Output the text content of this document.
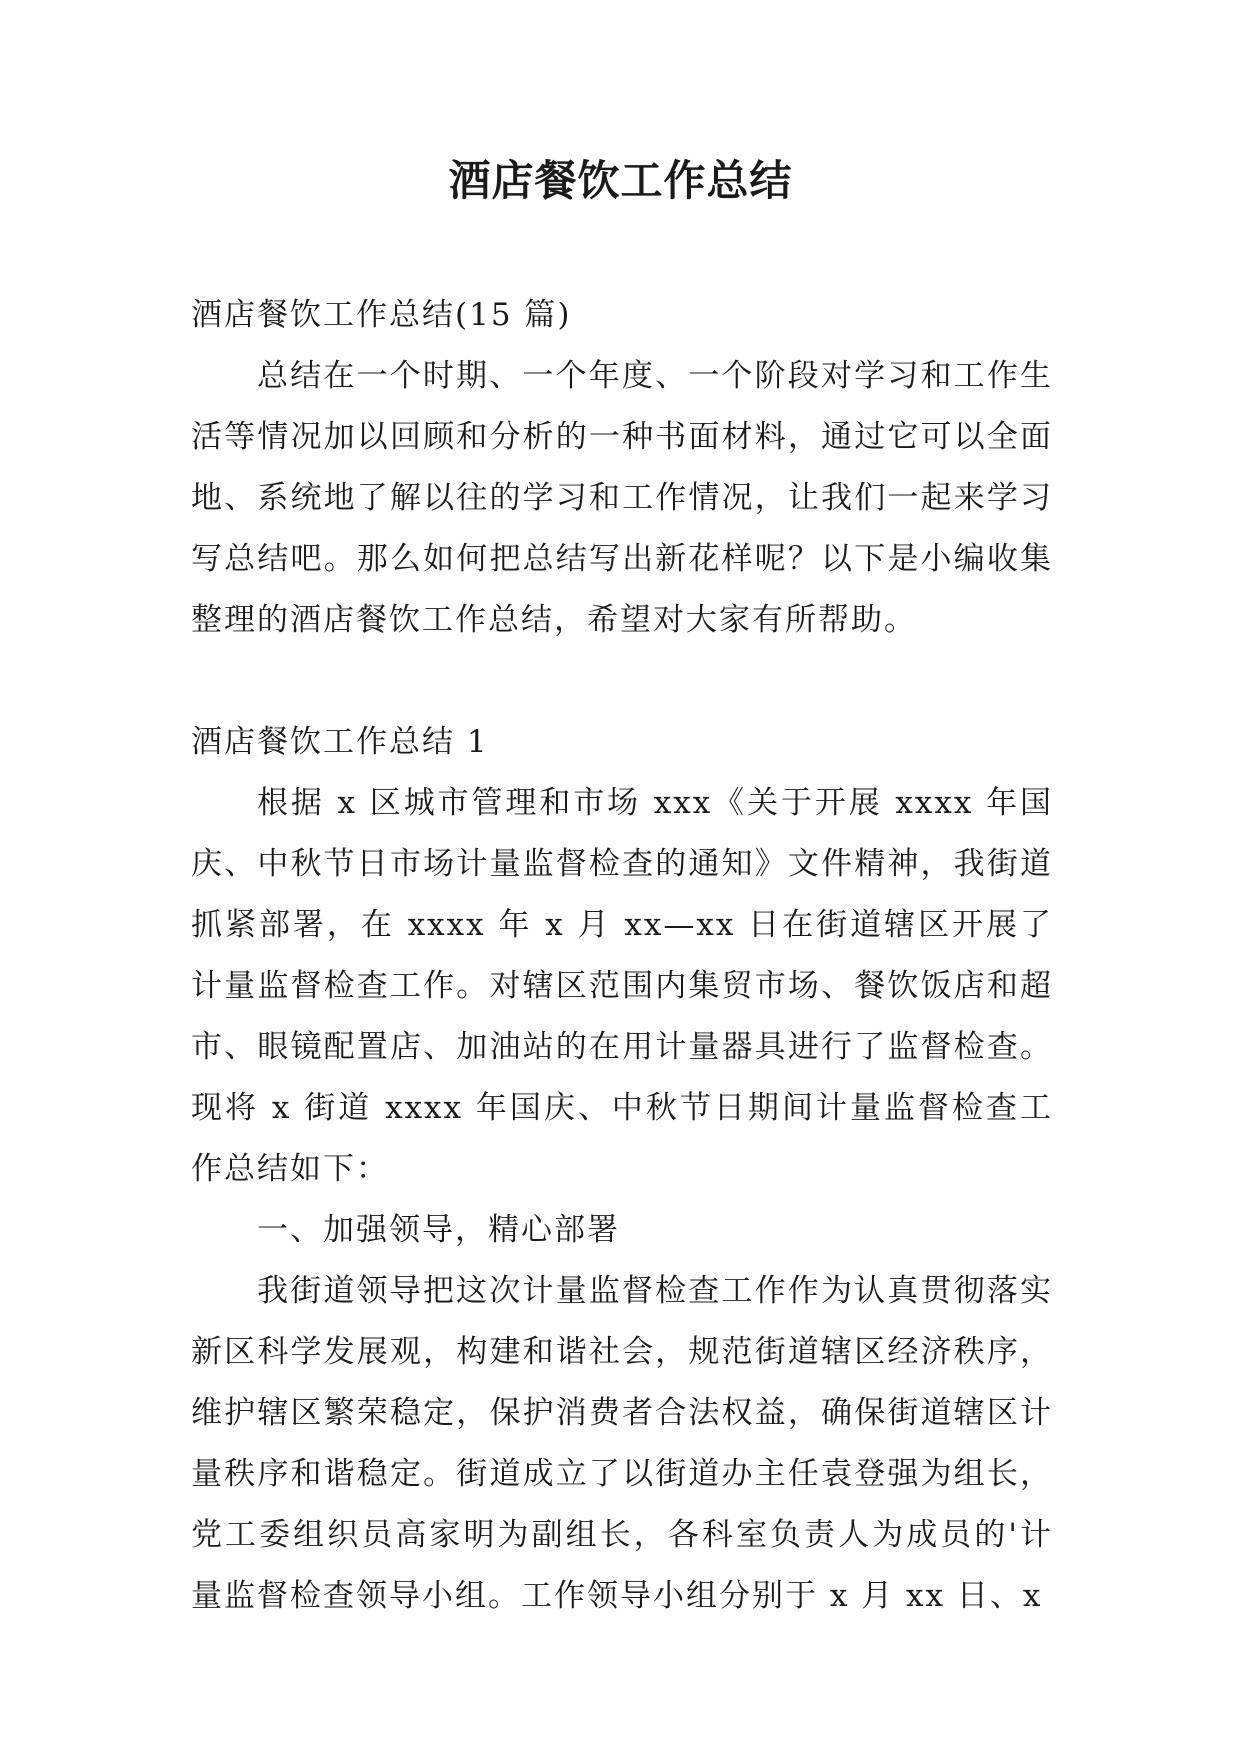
酒店餐饮工作总结

酒店餐饮工作总结(15 篇)

总结在一个时期、一个年度、一个阶段对学习和工作生活等情况加以回顾和分析的一种书面材料，通过它可以全面地、系统地了解以往的学习和工作情况，让我们一起来学习写总结吧。那么如何把总结写出新花样呢？以下是小编收集整理的酒店餐饮工作总结，希望对大家有所帮助。

酒店餐饮工作总结 1

根据 x 区城市管理和市场 xxx《关于开展 xxxx 年国庆、中秋节日市场计量监督检查的通知》文件精神，我街道抓紧部署，在 xxxx 年 x 月 xx—xx 日在街道辖区开展了计量监督检查工作。对辖区范围内集贸市场、餐饮饭店和超市、眼镜配置店、加油站的在用计量器具进行了监督检查。现将 x 街道 xxxx 年国庆、中秋节日期间计量监督检查工作总结如下：

一、加强领导，精心部署

我街道领导把这次计量监督检查工作作为认真贯彻落实新区科学发展观，构建和谐社会，规范街道辖区经济秩序，维护辖区繁荣稳定，保护消费者合法权益，确保街道辖区计量秩序和谐稳定。街道成立了以街道办主任袁登强为组长，党工委组织员高家明为副组长，各科室负责人为成员的'计量监督检查领导小组。工作领导小组分别于 x 月 xx 日、x
